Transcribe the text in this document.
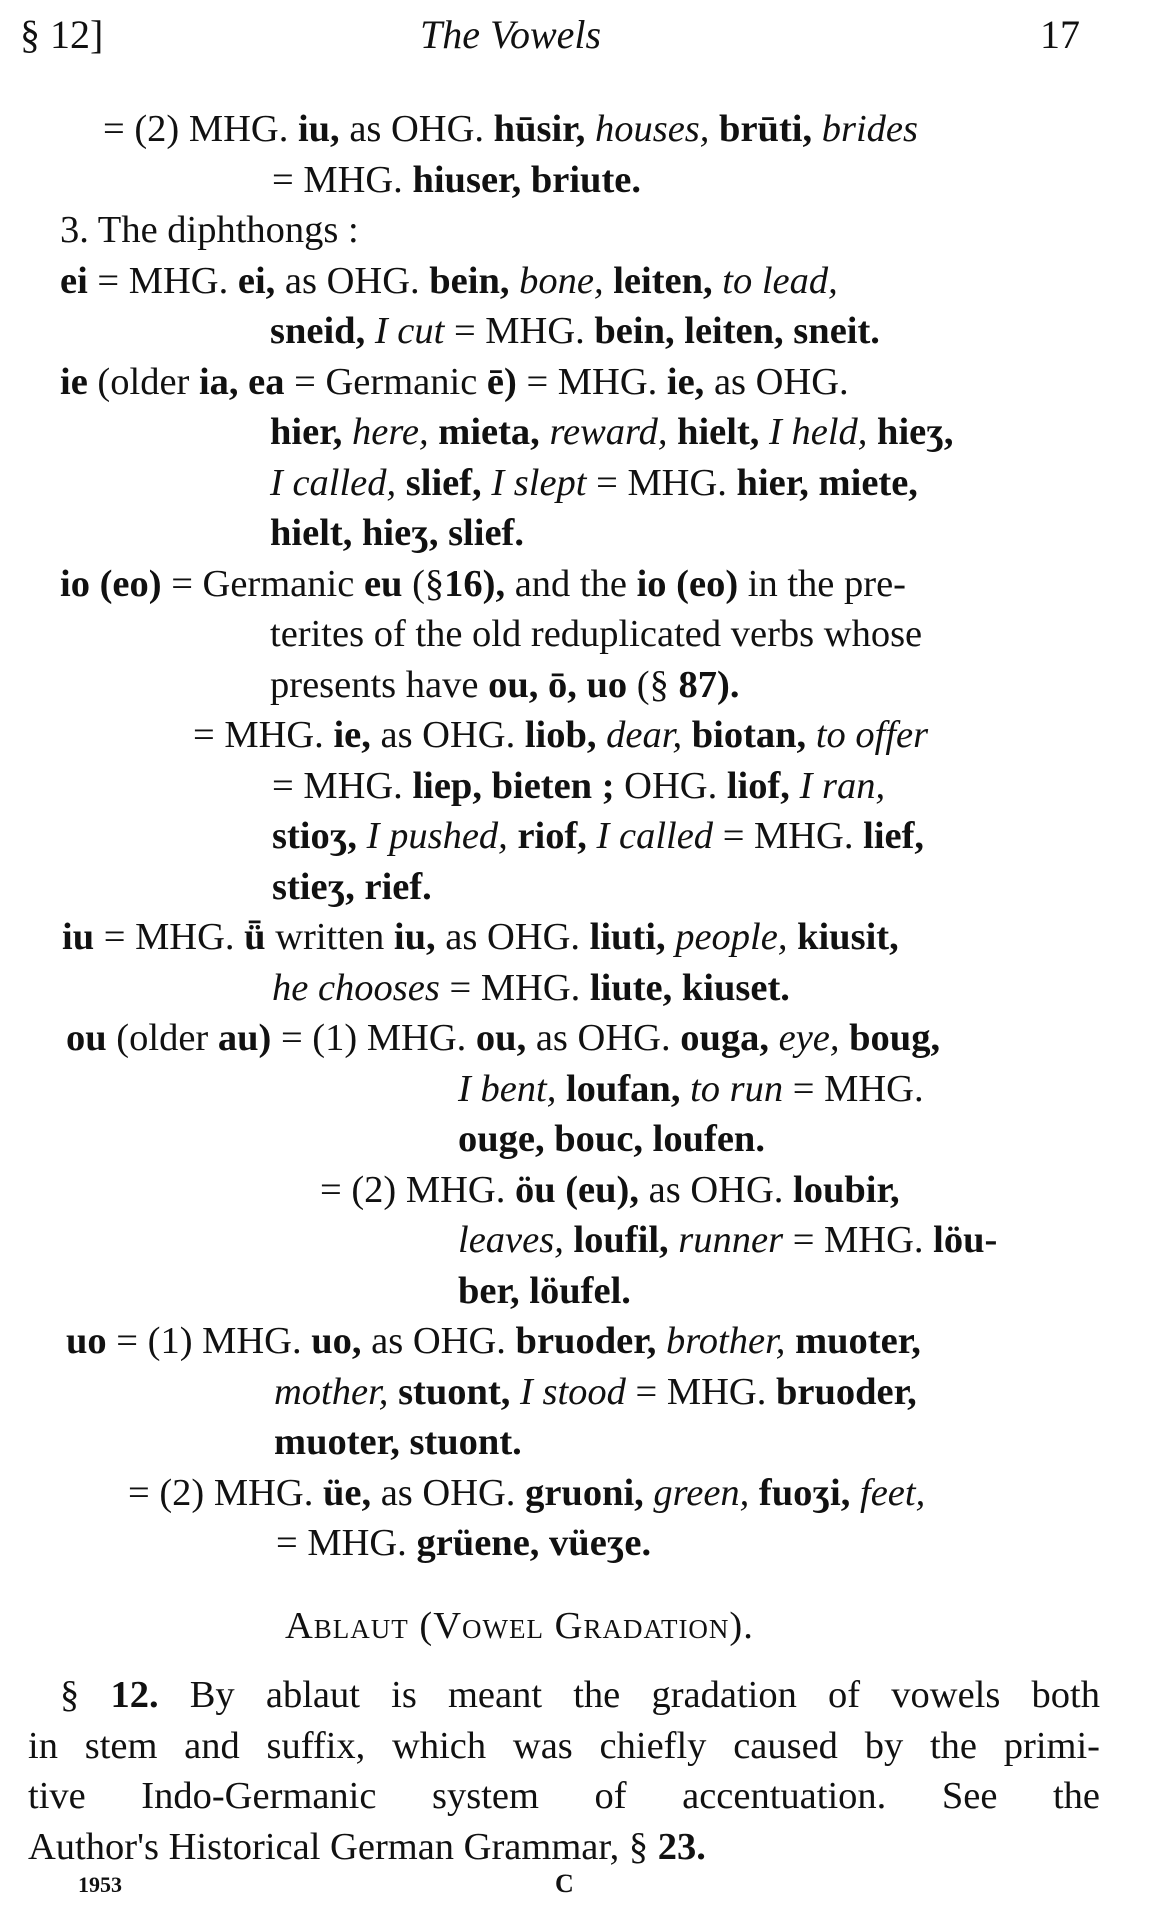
§ 12]	The Vowels	17
= (2) MHG. iu, as OHG. hūsir, houses, brūti, brides
= MHG. hiuser, briute.
3. The diphthongs :
ei = MHG. ei, as OHG. bein, bone, leiten, to lead,
sneid, I cut = MHG. bein, leiten, sneit.
ie (older ia, ea = Germanic ē) = MHG. ie, as OHG.
hier, here, mieta, reward, hielt, I held, hieʒ,
I called, slief, I slept = MHG. hier, miete,
hielt, hieʒ, slief.
io (eo) = Germanic eu (§16), and the io (eo) in the pre-
terites of the old reduplicated verbs whose
presents have ou, ō, uo (§ 87).
= MHG. ie, as OHG. liob, dear, biotan, to offer
= MHG. liep, bieten ; OHG. liof, I ran,
stioʒ, I pushed, riof, I called = MHG. lief,
stieʒ, rief.
iu = MHG. ǖ written iu, as OHG. liuti, people, kiusit,
he chooses = MHG. liute, kiuset.
ou (older au) = (1) MHG. ou, as OHG. ouga, eye, boug,
I bent, loufan, to run = MHG.
ouge, bouc, loufen.
= (2) MHG. öu (eu), as OHG. loubir,
leaves, loufil, runner = MHG. löu-
ber, löufel.
uo = (1) MHG. uo, as OHG. bruoder, brother, muoter,
mother, stuont, I stood = MHG. bruoder,
muoter, stuont.
= (2) MHG. üe, as OHG. gruoni, green, fuoʒi, feet,
= MHG. grüene, vüeʒe.
Ablaut (Vowel Gradation).
§ 12. By ablaut is meant the gradation of vowels both
in stem and suffix, which was chiefly caused by the primi-
tive Indo-Germanic system of accentuation. See the
Author's Historical German Grammar, § 23.
1953	C
